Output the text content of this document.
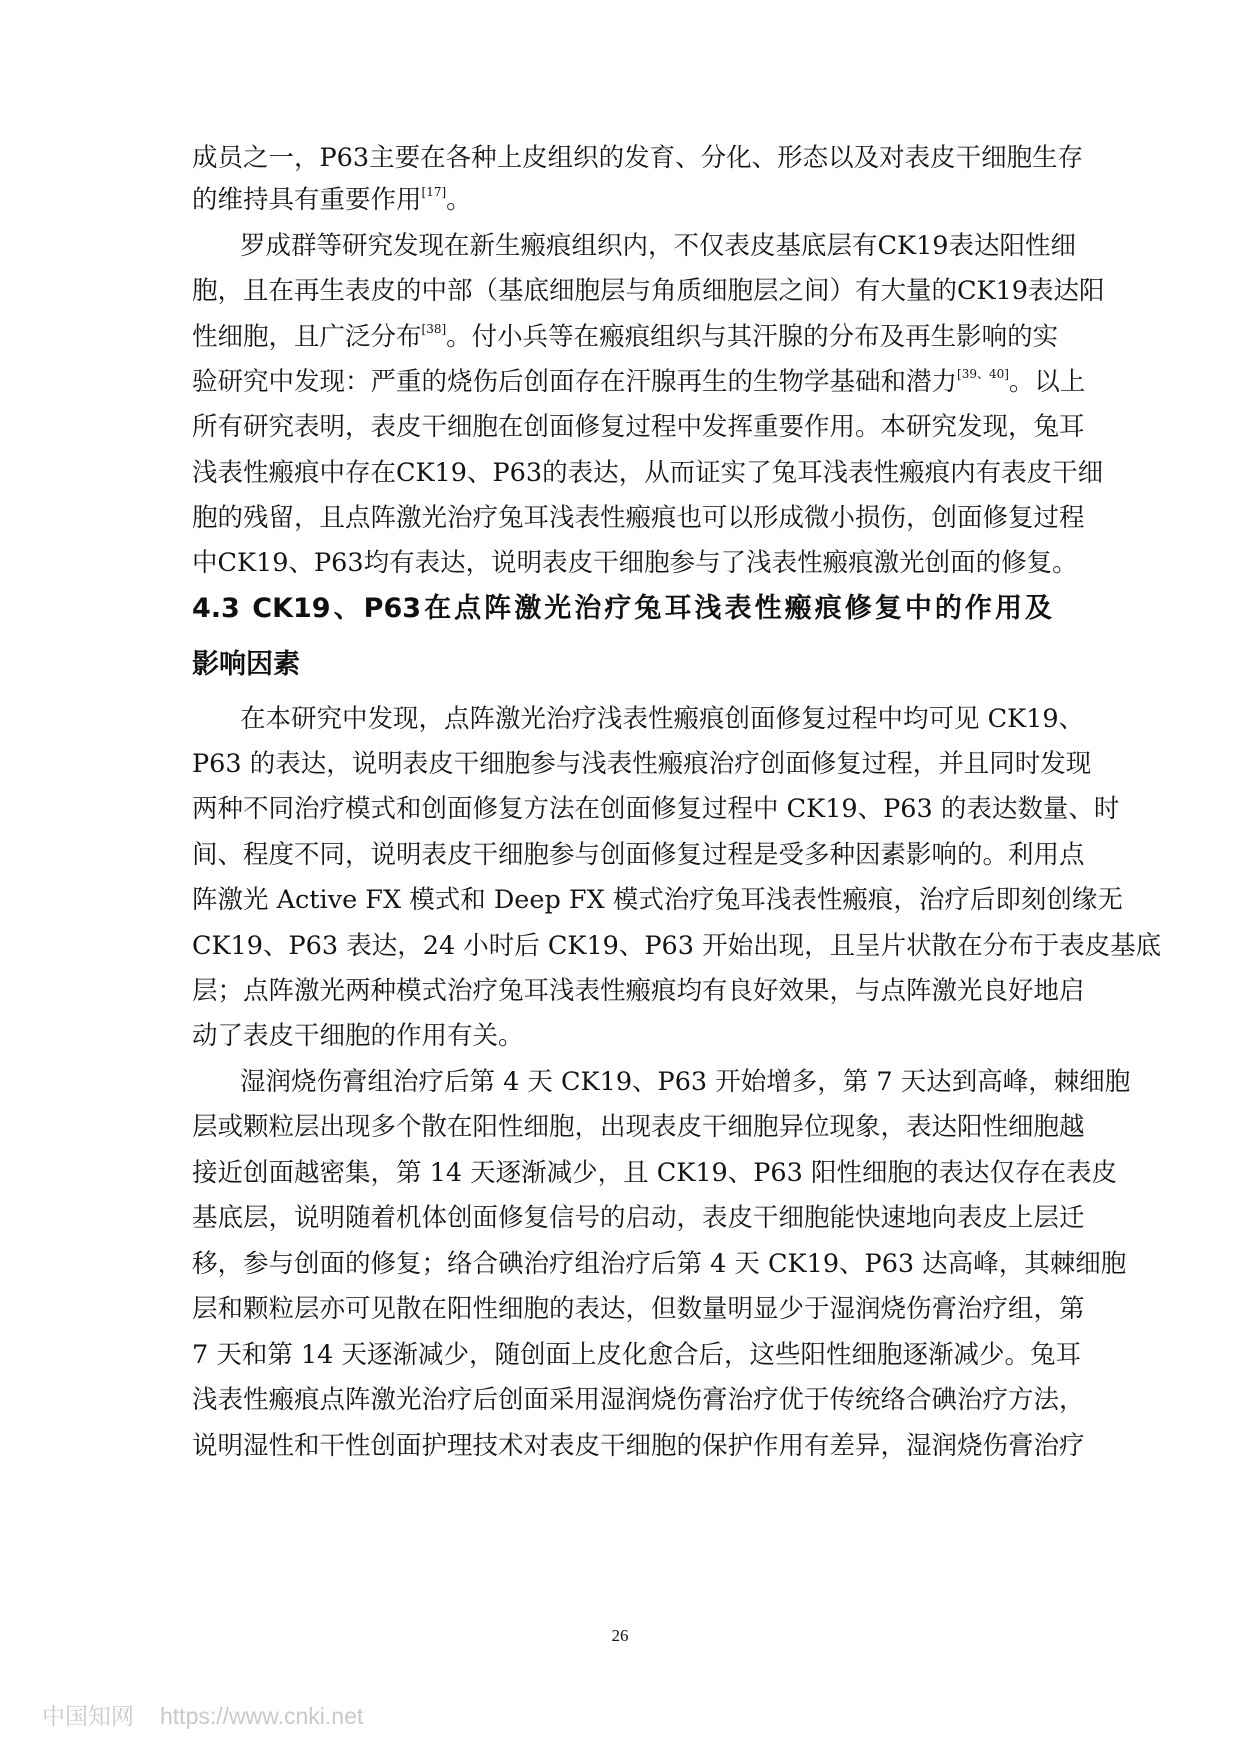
成员之一，P63主要在各种上皮组织的发育、分化、形态以及对表皮干细胞生存
的维持具有重要作用[17]。
罗成群等研究发现在新生瘢痕组织内，不仅表皮基底层有CK19表达阳性细
胞，且在再生表皮的中部（基底细胞层与角质细胞层之间）有大量的CK19表达阳
性细胞，且广泛分布[38]。付小兵等在瘢痕组织与其汗腺的分布及再生影响的实
验研究中发现：严重的烧伤后创面存在汗腺再生的生物学基础和潜力[39、40]。以上
所有研究表明，表皮干细胞在创面修复过程中发挥重要作用。本研究发现，兔耳
浅表性瘢痕中存在CK19、P63的表达，从而证实了兔耳浅表性瘢痕内有表皮干细
胞的残留，且点阵激光治疗兔耳浅表性瘢痕也可以形成微小损伤，创面修复过程
中CK19、P63均有表达，说明表皮干细胞参与了浅表性瘢痕激光创面的修复。
4.3 CK19、P63在点阵激光治疗兔耳浅表性瘢痕修复中的作用及
影响因素
在本研究中发现，点阵激光治疗浅表性瘢痕创面修复过程中均可见 CK19、
P63 的表达，说明表皮干细胞参与浅表性瘢痕治疗创面修复过程，并且同时发现
两种不同治疗模式和创面修复方法在创面修复过程中 CK19、P63 的表达数量、时
间、程度不同，说明表皮干细胞参与创面修复过程是受多种因素影响的。利用点
阵激光 Active FX 模式和 Deep FX 模式治疗兔耳浅表性瘢痕，治疗后即刻创缘无
CK19、P63 表达，24 小时后 CK19、P63 开始出现，且呈片状散在分布于表皮基底
层；点阵激光两种模式治疗兔耳浅表性瘢痕均有良好效果，与点阵激光良好地启
动了表皮干细胞的作用有关。
湿润烧伤膏组治疗后第 4 天 CK19、P63 开始增多，第 7 天达到高峰，棘细胞
层或颗粒层出现多个散在阳性细胞，出现表皮干细胞异位现象，表达阳性细胞越
接近创面越密集，第 14 天逐渐减少，且 CK19、P63 阳性细胞的表达仅存在表皮
基底层，说明随着机体创面修复信号的启动，表皮干细胞能快速地向表皮上层迁
移，参与创面的修复；络合碘治疗组治疗后第 4 天 CK19、P63 达高峰，其棘细胞
层和颗粒层亦可见散在阳性细胞的表达，但数量明显少于湿润烧伤膏治疗组，第
7 天和第 14 天逐渐减少，随创面上皮化愈合后，这些阳性细胞逐渐减少。兔耳
浅表性瘢痕点阵激光治疗后创面采用湿润烧伤膏治疗优于传统络合碘治疗方法，
说明湿性和干性创面护理技术对表皮干细胞的保护作用有差异，湿润烧伤膏治疗
26
中国知网 https://www.cnki.net
